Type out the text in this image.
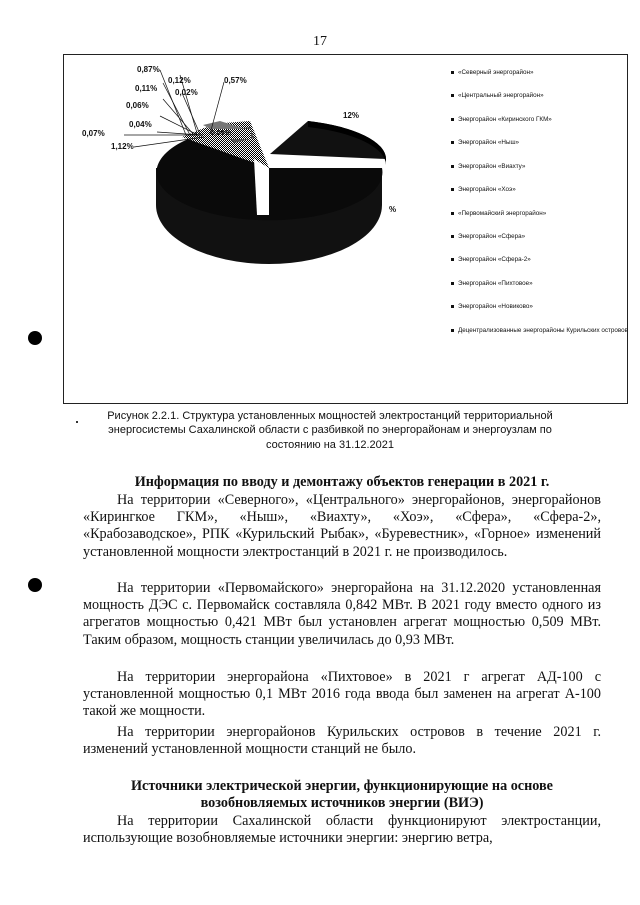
17
0,87%
0,12%	0,57%
0,11% 0,02%
0,06%
0,04%
0,07%
1,12%
12%
0,09%
%
«Северный энергорайон»
«Центральный энергорайон»
Энергорайон «Киринского ГКМ»
Энергорайон «Ныш»
Энергорайон «Виахту»
Энергорайон «Хоэ»
«Первомайский энергорайон»
Энергорайон «Сфера»
Энергорайон «Сфера-2»
Энергорайон «Пихтовое»
Энергорайон «Новиково»
Децентрализованные энергорайоны Курильских островов
Рисунок 2.2.1. Структура установленных мощностей электростанций территориальной энергосистемы Сахалинской области с разбивкой по энергорайонам и энергоузлам по состоянию на 31.12.2021
Информация по вводу и демонтажу объектов генерации в 2021 г.
На территории «Северного», «Центрального» энергорайонов, энергорайонов «Кирингкое ГКМ», «Ныш», «Виахту», «Хоэ», «Сфера», «Сфера-2», «Крабозаводское», РПК «Курильский Рыбак», «Буревестник», «Горное» изменений установленной мощности электростанций в 2021 г. не производилось.
На территории «Первомайского» энергорайона на 31.12.2020 установленная мощность ДЭС с. Первомайск составляла 0,842 МВт. В 2021 году вместо одного из агрегатов мощностью 0,421 МВт был установлен агрегат мощностью 0,509 МВт. Таким образом, мощность станции увеличилась до 0,93 МВт.
На территории энергорайона «Пихтовое» в 2021 г агрегат АД-100 с установленной мощностью 0,1 МВт 2016 года ввода был заменен на агрегат А-100 такой же мощности.
На территории энергорайонов Курильских островов в течение 2021 г. изменений установленной мощности станций не было.
Источники электрической энергии, функционирующие на основе возобновляемых источников энергии (ВИЭ)
На территории Сахалинской области функционируют электростанции, использующие возобновляемые источники энергии: энергию ветра,
